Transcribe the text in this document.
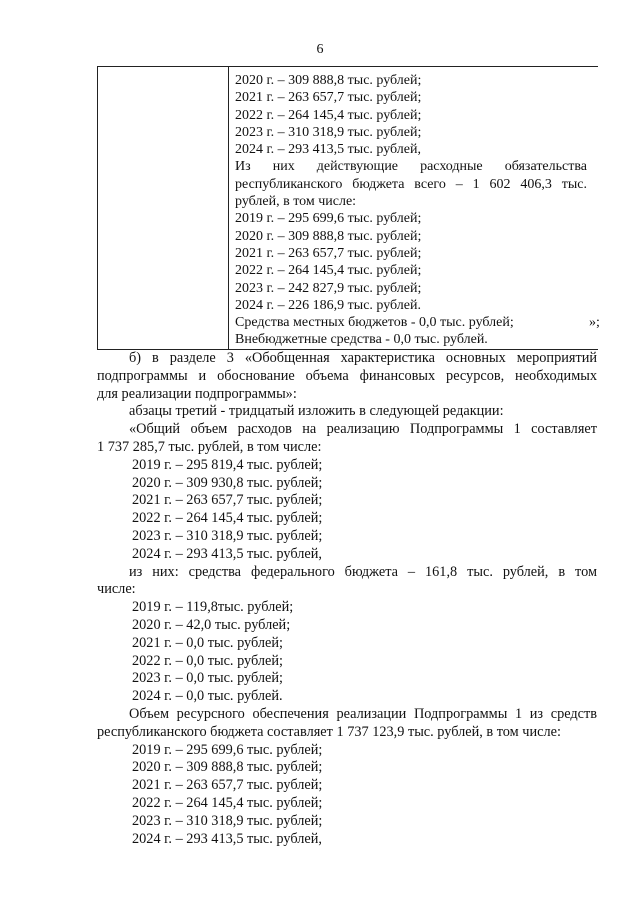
6
2020 г. – 309 888,8 тыс. рублей;
2021 г. – 263 657,7 тыс. рублей;
2022 г. – 264 145,4 тыс. рублей;
2023 г. – 310 318,9 тыс. рублей;
2024 г. – 293 413,5 тыс. рублей,
Из них действующие расходные обязательства
республиканского бюджета всего – 1 602 406,3 тыс.
рублей, в том числе:
2019 г. – 295 699,6 тыс. рублей;
2020 г. – 309 888,8 тыс. рублей;
2021 г. – 263 657,7 тыс. рублей;
2022 г. – 264 145,4 тыс. рублей;
2023 г. – 242 827,9 тыс. рублей;
2024 г. – 226 186,9 тыс. рублей.
Средства местных бюджетов - 0,0 тыс. рублей;
Внебюджетные средства - 0,0 тыс. рублей.
»;
б) в разделе 3 «Обобщенная характеристика основных мероприятий
подпрограммы и обоснование объема финансовых ресурсов, необходимых
для реализации подпрограммы»:
абзацы третий - тридцатый изложить в следующей редакции:
«Общий объем расходов на реализацию Подпрограммы 1 составляет
1 737 285,7 тыс. рублей, в том числе:
2019 г. – 295 819,4 тыс. рублей;
2020 г. – 309 930,8 тыс. рублей;
2021 г. – 263 657,7 тыс. рублей;
2022 г. – 264 145,4 тыс. рублей;
2023 г. – 310 318,9 тыс. рублей;
2024 г. – 293 413,5 тыс. рублей,
из них: средства федерального бюджета – 161,8 тыс. рублей, в том
числе:
2019 г. – 119,8тыс. рублей;
2020 г. – 42,0 тыс. рублей;
2021 г. – 0,0 тыс. рублей;
2022 г. – 0,0 тыс. рублей;
2023 г. – 0,0 тыс. рублей;
2024 г. – 0,0 тыс. рублей.
Объем ресурсного обеспечения реализации Подпрограммы 1 из средств
республиканского бюджета составляет 1 737 123,9 тыс. рублей, в том числе:
2019 г. – 295 699,6 тыс. рублей;
2020 г. – 309 888,8 тыс. рублей;
2021 г. – 263 657,7 тыс. рублей;
2022 г. – 264 145,4 тыс. рублей;
2023 г. – 310 318,9 тыс. рублей;
2024 г. – 293 413,5 тыс. рублей,
